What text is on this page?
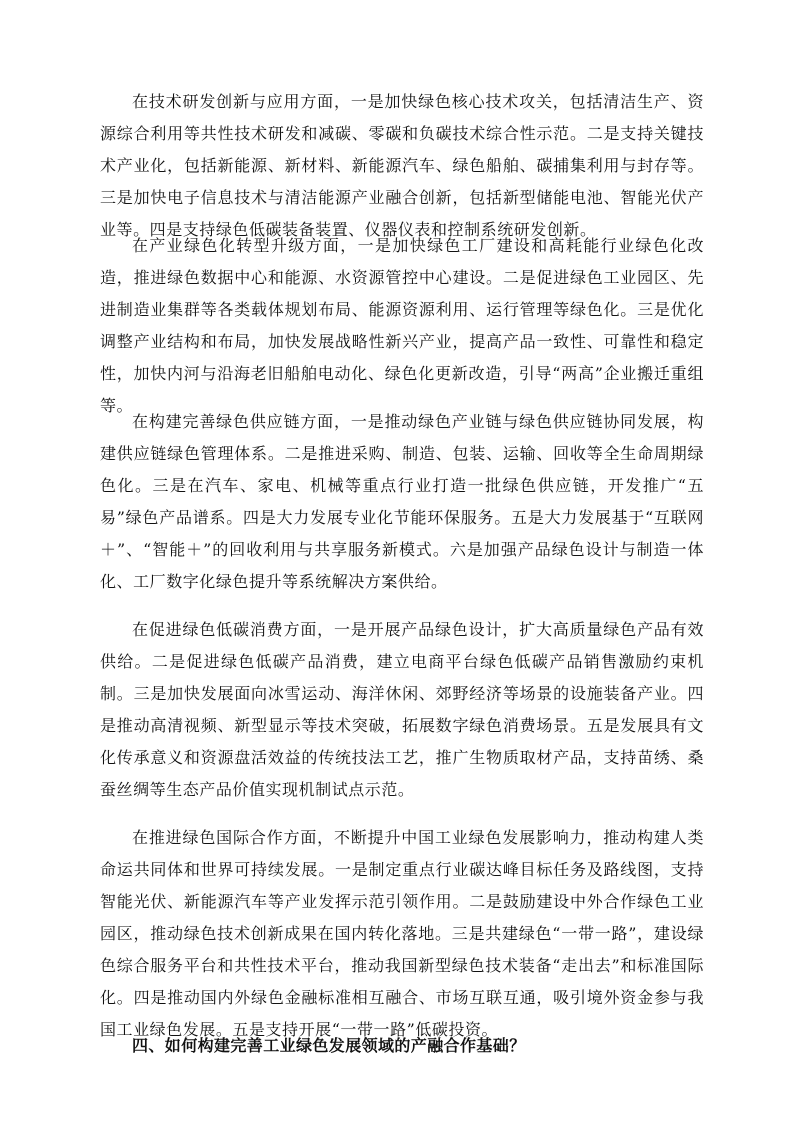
在技术研发创新与应用方面，一是加快绿色核心技术攻关，包括清洁生产、资源综合利用等共性技术研发和减碳、零碳和负碳技术综合性示范。二是支持关键技术产业化，包括新能源、新材料、新能源汽车、绿色船舶、碳捕集利用与封存等。三是加快电子信息技术与清洁能源产业融合创新，包括新型储能电池、智能光伏产业等。四是支持绿色低碳装备装置、仪器仪表和控制系统研发创新。

在产业绿色化转型升级方面，一是加快绿色工厂建设和高耗能行业绿色化改造，推进绿色数据中心和能源、水资源管控中心建设。二是促进绿色工业园区、先进制造业集群等各类载体规划布局、能源资源利用、运行管理等绿色化。三是优化调整产业结构和布局，加快发展战略性新兴产业，提高产品一致性、可靠性和稳定性，加快内河与沿海老旧船舶电动化、绿色化更新改造，引导“两高”企业搬迁重组等。

在构建完善绿色供应链方面，一是推动绿色产业链与绿色供应链协同发展，构建供应链绿色管理体系。二是推进采购、制造、包装、运输、回收等全生命周期绿色化。三是在汽车、家电、机械等重点行业打造一批绿色供应链，开发推广“五易”绿色产品谱系。四是大力发展专业化节能环保服务。五是大力发展基于“互联网＋”、“智能＋”的回收利用与共享服务新模式。六是加强产品绿色设计与制造一体化、工厂数字化绿色提升等系统解决方案供给。

在促进绿色低碳消费方面，一是开展产品绿色设计，扩大高质量绿色产品有效供给。二是促进绿色低碳产品消费，建立电商平台绿色低碳产品销售激励约束机制。三是加快发展面向冰雪运动、海洋休闲、郊野经济等场景的设施装备产业。四是推动高清视频、新型显示等技术突破，拓展数字绿色消费场景。五是发展具有文化传承意义和资源盘活效益的传统技法工艺，推广生物质取材产品，支持苗绣、桑蚕丝绸等生态产品价值实现机制试点示范。

在推进绿色国际合作方面，不断提升中国工业绿色发展影响力，推动构建人类命运共同体和世界可持续发展。一是制定重点行业碳达峰目标任务及路线图，支持智能光伏、新能源汽车等产业发挥示范引领作用。二是鼓励建设中外合作绿色工业园区，推动绿色技术创新成果在国内转化落地。三是共建绿色“一带一路”，建设绿色综合服务平台和共性技术平台，推动我国新型绿色技术装备“走出去”和标准国际化。四是推动国内外绿色金融标准相互融合、市场互联互通，吸引境外资金参与我国工业绿色发展。五是支持开展“一带一路”低碳投资。

四、如何构建完善工业绿色发展领域的产融合作基础？
